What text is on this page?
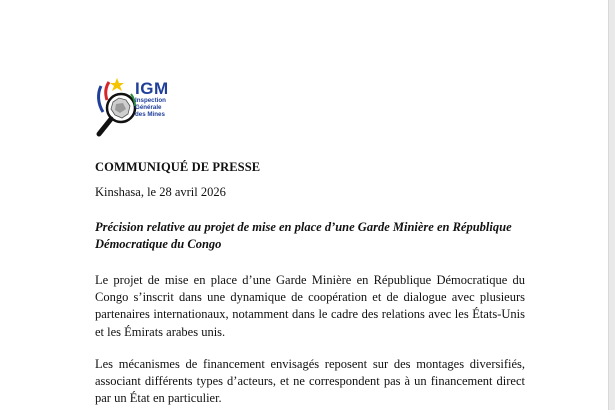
IGM
Inspection
Générale
des Mines
COMMUNIQUÉ DE PRESSE
Kinshasa, le 28 avril 2026
Précision relative au projet de mise en place d’une Garde Minière en République Démocratique du Congo
Le projet de mise en place d’une Garde Minière en République Démocratique du Congo s’inscrit dans une dynamique de coopération et de dialogue avec plusieurs partenaires internationaux, notamment dans le cadre des relations avec les États-Unis et les Émirats arabes unis.
Les mécanismes de financement envisagés reposent sur des montages diversifiés, associant différents types d’acteurs, et ne correspondent pas à un financement direct par un État en particulier.
